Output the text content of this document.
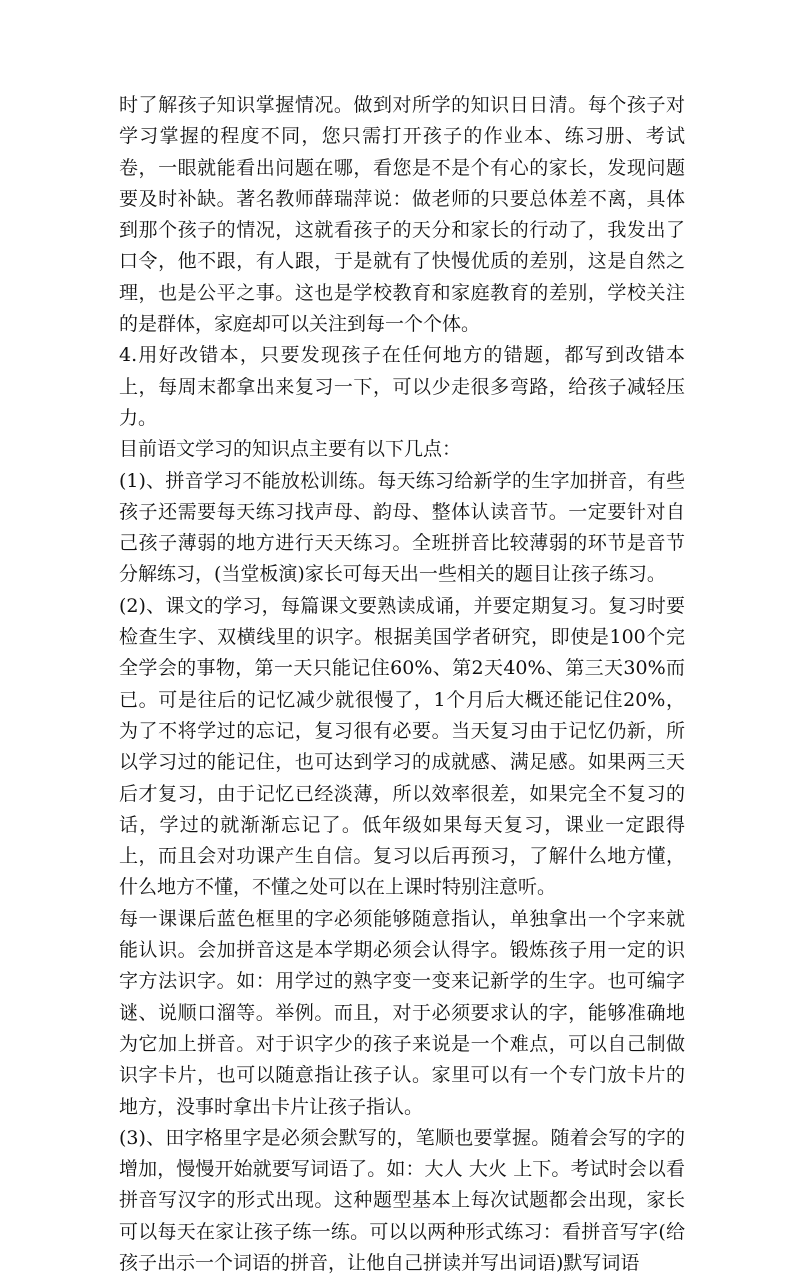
时了解孩子知识掌握情况。做到对所学的知识日日清。每个孩子对学习掌握的程度不同，您只需打开孩子的作业本、练习册、考试卷，一眼就能看出问题在哪，看您是不是个有心的家长，发现问题要及时补缺。著名教师薛瑞萍说：做老师的只要总体差不离，具体到那个孩子的情况，这就看孩子的天分和家长的行动了，我发出了口令，他不跟，有人跟，于是就有了快慢优质的差别，这是自然之理，也是公平之事。这也是学校教育和家庭教育的差别，学校关注的是群体，家庭却可以关注到每一个个体。

4.用好改错本，只要发现孩子在任何地方的错题，都写到改错本上，每周末都拿出来复习一下，可以少走很多弯路，给孩子减轻压力。

目前语文学习的知识点主要有以下几点：

(1)、拼音学习不能放松训练。每天练习给新学的生字加拼音，有些孩子还需要每天练习找声母、韵母、整体认读音节。一定要针对自己孩子薄弱的地方进行天天练习。全班拼音比较薄弱的环节是音节分解练习，(当堂板演)家长可每天出一些相关的题目让孩子练习。

(2)、课文的学习，每篇课文要熟读成诵，并要定期复习。复习时要检查生字、双横线里的识字。根据美国学者研究，即使是100个完全学会的事物，第一天只能记住60%、第2天40%、第三天30%而已。可是往后的记忆减少就很慢了，1个月后大概还能记住20%，为了不将学过的忘记，复习很有必要。当天复习由于记忆仍新，所以学习过的能记住，也可达到学习的成就感、满足感。如果两三天后才复习，由于记忆已经淡薄，所以效率很差，如果完全不复习的话，学过的就渐渐忘记了。低年级如果每天复习，课业一定跟得上，而且会对功课产生自信。复习以后再预习，了解什么地方懂，什么地方不懂，不懂之处可以在上课时特别注意听。

每一课课后蓝色框里的字必须能够随意指认，单独拿出一个字来就能认识。会加拼音这是本学期必须会认得字。锻炼孩子用一定的识字方法识字。如：用学过的熟字变一变来记新学的生字。也可编字谜、说顺口溜等。举例。而且，对于必须要求认的字，能够准确地为它加上拼音。对于识字少的孩子来说是一个难点，可以自己制做识字卡片，也可以随意指让孩子认。家里可以有一个专门放卡片的地方，没事时拿出卡片让孩子指认。

(3)、田字格里字是必须会默写的，笔顺也要掌握。随着会写的字的增加，慢慢开始就要写词语了。如：大人 大火 上下。考试时会以看拼音写汉字的形式出现。这种题型基本上每次试题都会出现，家长可以每天在家让孩子练一练。可以以两种形式练习：看拼音写字(给孩子出示一个词语的拼音，让他自己拼读并写出词语)默写词语
